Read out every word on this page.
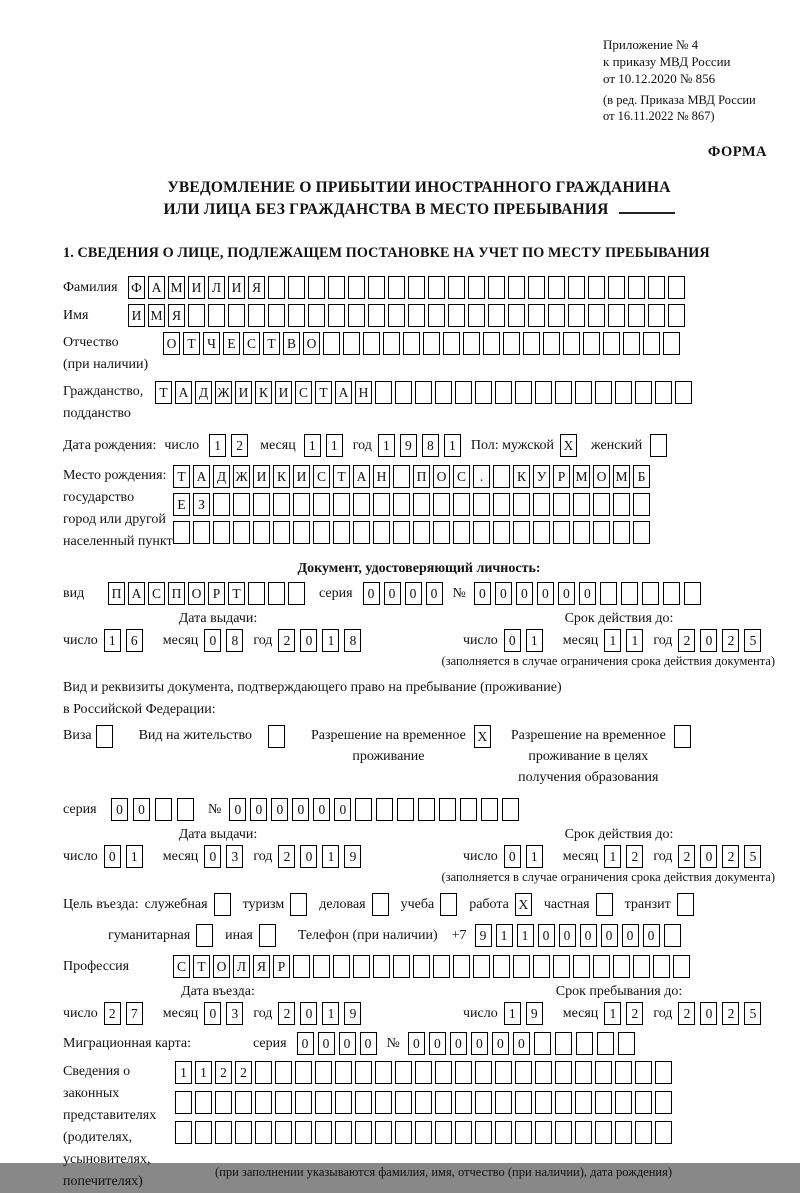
Приложение № 4
к приказу МВД России
от 10.12.2020 № 856
(в ред. Приказа МВД России
от 16.11.2022 № 867)
ФОРМА
УВЕДОМЛЕНИЕ О ПРИБЫТИИ ИНОСТРАННОГО ГРАЖДАНИНА
ИЛИ ЛИЦА БЕЗ ГРАЖДАНСТВА В МЕСТО ПРЕБЫВАНИЯ
1. СВЕДЕНИЯ О ЛИЦЕ, ПОДЛЕЖАЩЕМ ПОСТАНОВКЕ НА УЧЕТ ПО МЕСТУ ПРЕБЫВАНИЯ
Фамилия	Ф А М И Л И Я
Имя	И М Я
Отчество
(при наличии)
О Т Ч Е С Т В О
Гражданство,
подданство
Т А Д Ж И К И С Т А Н
Дата рождения: число	1	2	месяц 1	1	год 1	9	8	1	Пол: мужской X женский
Место рождения:
государство
город или другой
населенный пункт
Т А Д Ж И К И С Т А Н П О С	.	К У Р М О М Б
Е З
Документ, удостоверяющий личность:
вид	П А С П О Р Т	серия	0	0	0	0	№ 0	0	0	0	0	0
Дата выдачи:
число 1	6	месяц 0	8	год 2	0	1	8
Срок действия до:
число 0	1	месяц 1	1	год 2	0	2	5
(заполняется в случае ограничения срока действия документа)
Вид и реквизиты документа, подтверждающего право на пребывание (проживание)
в Российской Федерации:
Виза	Вид на жительство	Разрешение на временное
проживание
X Разрешение на временное
проживание в целях
получения образования
серия	0	0	№ 0	0	0	0	0	0
Дата выдачи:
число 0	1	месяц 0	3	год 2	0	1	9
Срок действия до:
число 0	1	месяц 1	2	год 2	0	2	5
(заполняется в случае ограничения срока действия документа)
Цель въезда: служебная	туризм	деловая	учеба	работа X частная	транзит
гуманитарная	иная	Телефон (при наличии) +7 9	1	1	0	0	0	0	0	0
Профессия	С Т О Л Я Р
Дата въезда:
число 2	7	месяц 0	3	год 2	0	1	9
Срок пребывания до:
число 1	9	месяц 1	2	год 2	0	2	5
Миграционная карта:	серия	0	0	0	0	№ 0	0	0	0	0	0
Сведения о
законных
представителях
(родителях,
усыновителях,
попечителях)
1 1 2 2
(при заполнении указываются фамилия, имя, отчество (при наличии), дата рождения)
